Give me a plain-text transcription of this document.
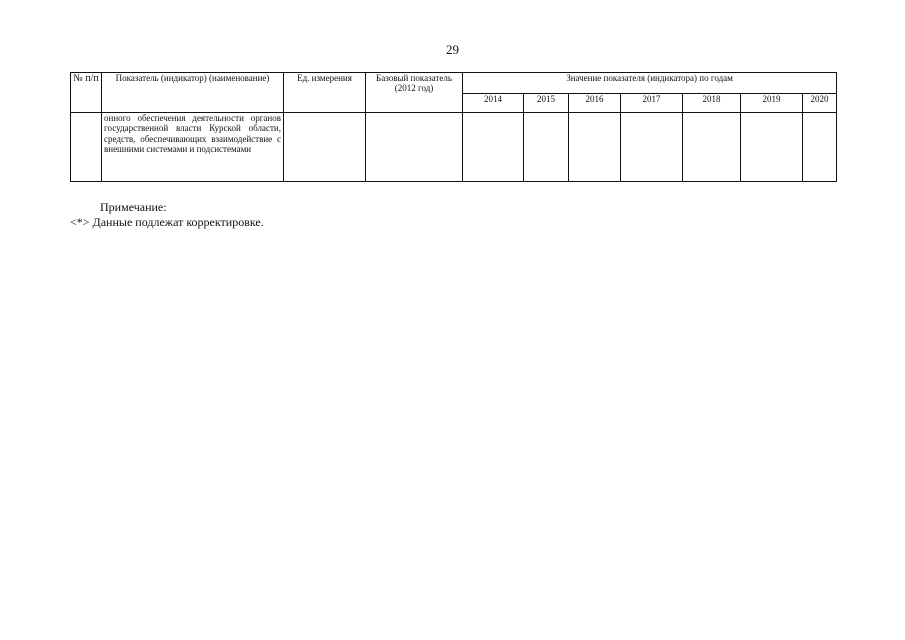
29
№ п/п	Показатель (индикатор) (наименование)	Ед. измерения	Базовый показатель (2012 год)	Значение показателя (индикатора) по годам						
				2014	2015	2016	2017	2018	2019	2020
	онного обеспечения деятельности органов государственной власти Курской области, средств, обеспечивающих взаимодействие с внешними системами и подсистемами									
Примечание:
<*> Данные подлежат корректировке.
